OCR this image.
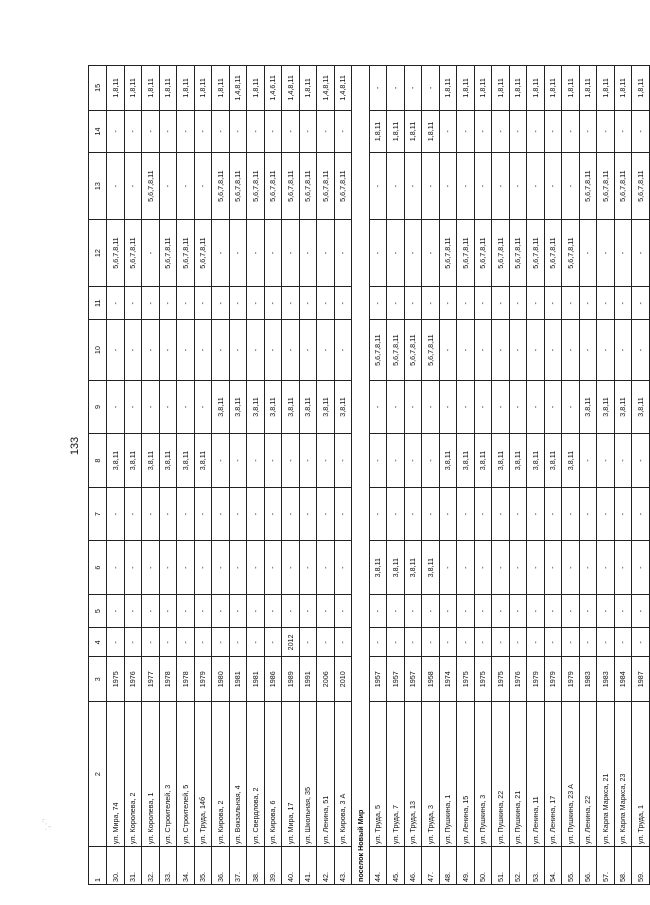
133
·¸·´'
1	2	3	4	5	6	7	8	9	10	11	12	13	14	15
30.	ул. Мира, 74	1975	-	-	-	-	3,8,11	-	-	-	5,6,7,8,11	-	-	1,8,11
31.	ул. Королева, 2	1976	-	-	-	-	3,8,11	-	-	-	5,6,7,8,11	-	-	1,8,11
32.	ул. Королева, 1	1977	-	-	-	-	3,8,11	-	-	-	-	5,6,7,8,11	-	1,8,11
33.	ул. Строителей, 3	1978	-	-	-	-	3,8,11	-	-	-	5,6,7,8,11	-	-	1,8,11
34.	ул. Строителей, 5	1978	-	-	-	-	3,8,11	-	-	-	5,6,7,8,11	-	-	1,8,11
35.	ул. Труда, 14б	1979	-	-	-	-	3,8,11	-	-	-	5,6,7,8,11	-	-	1,8,11
36.	ул. Кирова, 2	1980	-	-	-	-	-	3,8,11	-	-	-	5,6,7,8,11	-	1,8,11
37.	ул. Вокзальная, 4	1981	-	-	-	-	-	3,8,11	-	-	-	5,6,7,8,11	-	1,4,8,11
38.	ул. Свердлова, 2	1981	-	-	-	-	-	3,8,11	-	-	-	5,6,7,8,11	-	1,8,11
39.	ул. Кирова, 6	1986	-	-	-	-	-	3,8,11	-	-	-	5,6,7,8,11	-	1,4,6,11
40.	ул. Мира, 17	1989	2012	-	-	-	-	3,8,11	-	-	-	5,6,7,8,11	-	1,4,8,11
41.	ул. Школьная, 35	1991	-	-	-	-	-	3,8,11	-	-	-	5,6,7,8,11	-	1,8,11
42.	ул. Ленина, 51	2006	-	-	-	-	-	3,8,11	-	-	-	5,6,7,8,11	-	1,4,8,11
43.	ул. Кирова, 3 А	2010	-	-	-	-	-	3,8,11	-	-	-	5,6,7,8,11	-	1,4,8,11
поселок Новый Мир														
44.	ул. Труда, 5	1957	-	-	3,8,11	-	-	-	5,6,7,8,11	-	-	-	1,8,11	-
45.	ул. Труда, 7	1957	-	-	3,8,11	-	-	-	5,6,7,8,11	-	-	-	1,8,11	-
46.	ул. Труда, 13	1957	-	-	3,8,11	-	-	-	5,6,7,8,11	-	-	-	1,8,11	-
47.	ул. Труда, 3	1958	-	-	3,8,11	-	-	-	5,6,7,8,11	-	-	-	1,8,11	-
48.	ул. Пушкина, 1	1974	-	-	-	-	3,8,11	-	-	-	5,6,7,8,11	-	-	1,8,11
49.	ул. Ленина, 15	1975	-	-	-	-	3,8,11	-	-	-	5,6,7,8,11	-	-	1,8,11
50.	ул. Пушкина, 3	1975	-	-	-	-	3,8,11	-	-	-	5,6,7,8,11	-	-	1,8,11
51.	ул. Пушкина, 22	1975	-	-	-	-	3,8,11	-	-	-	5,6,7,8,11	-	-	1,8,11
52.	ул. Пушкина, 21	1976	-	-	-	-	3,8,11	-	-	-	5,6,7,8,11	-	-	1,8,11
53.	ул. Ленина, 11	1979	-	-	-	-	3,8,11	-	-	-	5,6,7,8,11	-	-	1,8,11
54.	ул. Ленина, 17	1979	-	-	-	-	3,8,11	-	-	-	5,6,7,8,11	-	-	1,8,11
55.	ул. Пушкина, 23 А	1979	-	-	-	-	3,8,11	-	-	-	5,6,7,8,11	-	-	1,8,11
56.	ул. Ленина, 22	1983	-	-	-	-	-	3,8,11	-	-	-	5,6,7,8,11	-	1,8,11
57.	ул. Карла Маркса, 21	1983	-	-	-	-	-	3,8,11	-	-	-	5,6,7,8,11	-	1,8,11
58.	ул. Карла Маркса, 23	1984	-	-	-	-	-	3,8,11	-	-	-	5,6,7,8,11	-	1,8,11
59.	ул. Труда, 1	1987	-	-	-	-	-	3,8,11	-	-	-	5,6,7,8,11	-	1,8,11
